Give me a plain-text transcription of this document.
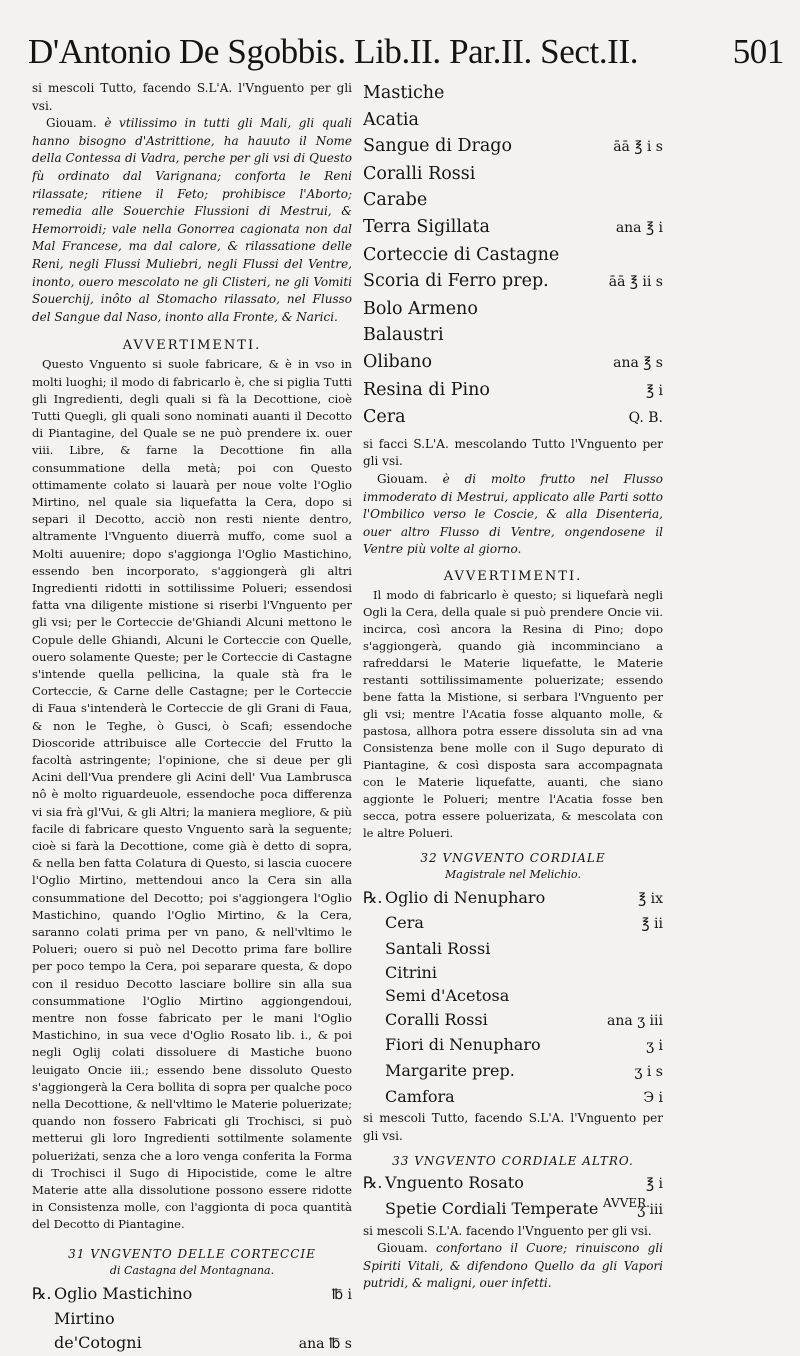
D'Antonio De Sgobbis. Lib.II. Par.II. Sect.II.	501

si mescoli Tutto, facendo S.L'A. l'Vnguento per gli vsi.

Giouam. è vtilissimo in tutti gli Mali, gli quali hanno bisogno d'Astrittione, ha hauuto il Nome della Contessa di Vadra, perche per gli vsi di Questo fù ordinato dal Varignana; conforta le Reni rilassate; ritiene il Feto; prohibisce l'Aborto; remedia alle Souerchie Flussioni di Mestrui, & Hemorroidi; vale nella Gonorrea cagionata non dal Mal Francese, ma dal calore, & rilassatione delle Reni, negli Flussi Muliebri, negli Flussi del Ventre, inonto, ouero mescolato ne gli Clisteri, ne gli Vomiti Souerchij, inôto al Stomacho rilassato, nel Flusso del Sangue dal Naso, inonto alla Fronte, & Narici.

AVVERTIMENTI.

Questo Vnguento si suole fabricare, & è in vso in molti luoghi; il modo di fabricarlo è, che si piglia Tutti gli Ingredienti, degli quali si fà la Decottione, cioè Tutti Quegli, gli quali sono nominati auanti il Decotto di Piantagine, del Quale se ne può prendere ix. ouer viii. Libre, & farne la Decottione fin alla consummatione della metà; poi con Questo ottimamente colato si lauarà per noue volte l'Oglio Mirtino, nel quale sia liquefatta la Cera, dopo si separi il Decotto, acciò non resti niente dentro, altramente l'Vnguento diuerrà muffo, come suol a Molti auuenire; dopo s'aggionga l'Oglio Mastichino, essendo ben incorporato, s'aggiongerà gli altri Ingredienti ridotti in sottilissime Polueri; essendosi fatta vna diligente mistione si riserbi l'Vnguento per gli vsi; per le Corteccie de'Ghiandi Alcuni mettono le Copule delle Ghiandi, Alcuni le Corteccie con Quelle, ouero solamente Queste; per le Corteccie di Castagne s'intende quella pellicina, la quale stà fra le Corteccie, & Carne delle Castagne; per le Corteccie di Faua s'intenderà le Corteccie de gli Grani di Faua, & non le Teghe, ò Gusci, ò Scafi; essendoche Dioscoride attribuisce alle Corteccie del Frutto la facoltà astringente; l'opinione, che si deue per gli Acini dell'Vua prendere gli Acini dell' Vua Lambrusca nô è molto riguardeuole, essendoche poca differenza vi sia frà gl'Vui, & gli Altri; la maniera megliore, & più facile di fabricare questo Vnguento sarà la seguente; cioè si farà la Decottione, come già è detto di sopra, & nella ben fatta Colatura di Questo, si lascia cuocere l'Oglio Mirtino, mettendoui anco la Cera sin alla consummatione del Decotto; poi s'aggiongera l'Oglio Mastichino, quando l'Oglio Mirtino, & la Cera, saranno colati prima per vn pano, & nell'vltimo le Polueri; ouero si può nel Decotto prima fare bollire per poco tempo la Cera, poi separare questa, & dopo con il residuo Decotto lasciare bollire sin alla sua consummatione l'Oglio Mirtino aggiongendoui, mentre non fosse fabricato per le mani l'Oglio Mastichino, in sua vece d'Oglio Rosato lib. i., & poi negli Oglij colati dissoluere di Mastiche buono leuigato Oncie iii.; essendo bene dissoluto Questo s'aggiongerà la Cera bollita di sopra per qualche poco nella Decottione, & nell'vltimo le Materie poluerizate; quando non fossero Fabricati gli Trochisci, si può metterui gli loro Ingredienti sottilmente solamente polueriżati, senza che a loro venga conferita la Forma di Trochisci il Sugo di Hipocistide, come le altre Materie atte alla dissolutione possono essere ridotte in Consistenza molle, con l'aggionta di poca quantità del Decotto di Piantagine.

31 VNGVENTO DELLE CORTECCIE

di Castagna del Montagnana.

℞. Oglio Mastichino	℔ i
Mirtino
de'Cotogni	ana ℔ s
Mastiche
Acatia
Sangue di Drago	āā ℥ i s
Coralli Rossi
Carabe
Terra Sigillata	ana ℥ i
Corteccie di Castagne
Scoria di Ferro prep.	āā ℥ ii s
Bolo Armeno
Balaustri
Olibano	ana ℥ s
Resina di Pino	℥ i
Cera	Q. B.

si facci S.L'A. mescolando Tutto l'Vnguento per gli vsi.

Giouam. è di molto frutto nel Flusso immoderato di Mestrui, applicato alle Parti sotto l'Ombilico verso le Coscie, & alla Disenteria, ouer altro Flusso di Ventre, ongendosene il Ventre più volte al giorno.

AVVERTIMENTI.

Il modo di fabricarlo è questo; si liquefarà negli Ogli la Cera, della quale si può prendere Oncie vii. incirca, così ancora la Resina di Pino; dopo s'aggiongerà, quando già incomminciano a rafreddarsi le Materie liquefatte, le Materie restanti sottilissimamente poluerizate; essendo bene fatta la Mistione, si serbara l'Vnguento per gli vsi; mentre l'Acatia fosse alquanto molle, & pastosa, allhora potra essere dissoluta sin ad vna Consistenza bene molle con il Sugo depurato di Piantagine, & così disposta sara accompagnata con le Materie liquefatte, auanti, che siano aggionte le Polueri; mentre l'Acatia fosse ben secca, potra essere poluerizata, & mescolata con le altre Polueri.

32 VNGVENTO CORDIALE

Magistrale nel Melichio.

℞. Oglio di Nenupharo	℥ ix
Cera	℥ ii
Santali Rossi
Citrini
Semi d'Acetosa
Coralli Rossi	ana ʒ iii
Fiori di Nenupharo	ʒ i
Margarite prep.	ʒ i s
Camfora	Э i

si mescoli Tutto, facendo S.L'A. l'Vnguento per gli vsi.

33 VNGVENTO CORDIALE ALTRO.

℞. Vnguento Rosato	℥ i
Spetie Cordiali Temperate	ʒ iii

si mescoli S.L'A. facendo l'Vnguento per gli vsi.

Giouam. confortano il Cuore; rinuiscono gli Spiriti Vitali, & difendono Quello da gli Vapori putridi, & maligni, ouer infetti.

AVVER.
